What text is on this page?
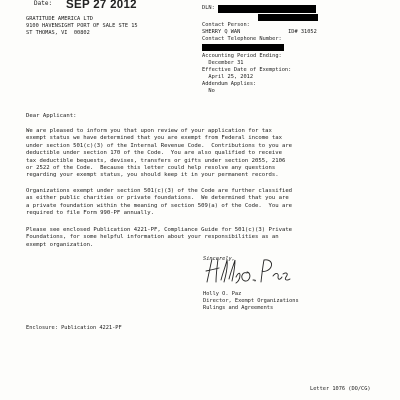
Date: SEP 27 2012
GRATITUDE AMERICA LTD
9100 HAVENSIGHT PORT OF SALE STE 15
ST THOMAS, VI  00802
DLN:
Contact Person:
SHERRY Q WAN               ID# 31052
Contact Telephone Number:
Accounting Period Ending:
December 31
Effective Date of Exemption:
April 25, 2012
Addendum Applies:
No
Dear Applicant:
We are pleased to inform you that upon review of your application for tax
exempt status we have determined that you are exempt from Federal income tax
under section 501(c)(3) of the Internal Revenue Code.  Contributions to you are
deductible under section 170 of the Code.  You are also qualified to receive
tax deductible bequests, devises, transfers or gifts under section 2055, 2106
or 2522 of the Code.  Because this letter could help resolve any questions
regarding your exempt status, you should keep it in your permanent records.
Organizations exempt under section 501(c)(3) of the Code are further classified
as either public charities or private foundations.  We determined that you are
a private foundation within the meaning of section 509(a) of the Code.  You are
required to file Form 990-PF annually.
Please see enclosed Publication 4221-PF, Compliance Guide for 501(c)(3) Private
Foundations, for some helpful information about your responsibilities as an
exempt organization.
Sincerely,
Holly O. Paz
Director, Exempt Organizations
Rulings and Agreements
Enclosure: Publication 4221-PF
Letter 1076 (DO/CG)
